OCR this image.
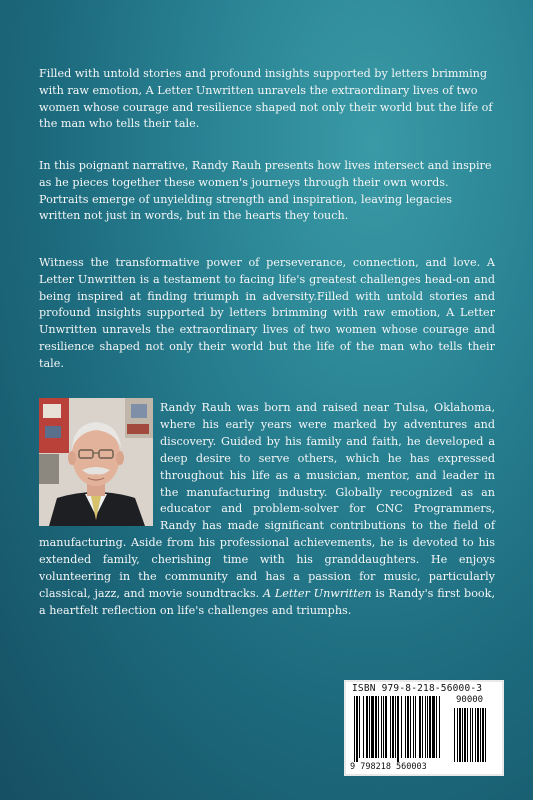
Filled with untold stories and profound insights supported by letters brimming with raw emotion, A Letter Unwritten unravels the extraordinary lives of two women whose courage and resilience shaped not only their world but the life of the man who tells their tale.

In this poignant narrative, Randy Rauh presents how lives intersect and inspire as he pieces together these women's journeys through their own words. Portraits emerge of unyielding strength and inspiration, leaving legacies written not just in words, but in the hearts they touch.

Witness the transformative power of perseverance, connection, and love. A Letter Unwritten is a testament to facing life's greatest challenges head-on and being inspired at finding triumph in adversity.Filled with untold stories and profound insights supported by letters brimming with raw emotion, A Letter Unwritten unravels the extraordinary lives of two women whose courage and resilience shaped not only their world but the life of the man who tells their tale.

Randy Rauh was born and raised near Tulsa, Oklahoma, where his early years were marked by adventures and discovery. Guided by his family and faith, he developed a deep desire to serve others, which he has expressed throughout his life as a musician, mentor, and leader in the manufacturing industry. Globally recognized as an educator and problem-solver for CNC Programmers, Randy has made significant contributions to the field of manufacturing. Aside from his professional achievements, he is devoted to his extended family, cherishing time with his granddaughters. He enjoys volunteering in the community and has a passion for music, particularly classical, jazz, and movie soundtracks. A Letter Unwritten is Randy's first book, a heartfelt reflection on life's challenges and triumphs.

ISBN 979-8-218-56000-3
90000
9 798218 560003
